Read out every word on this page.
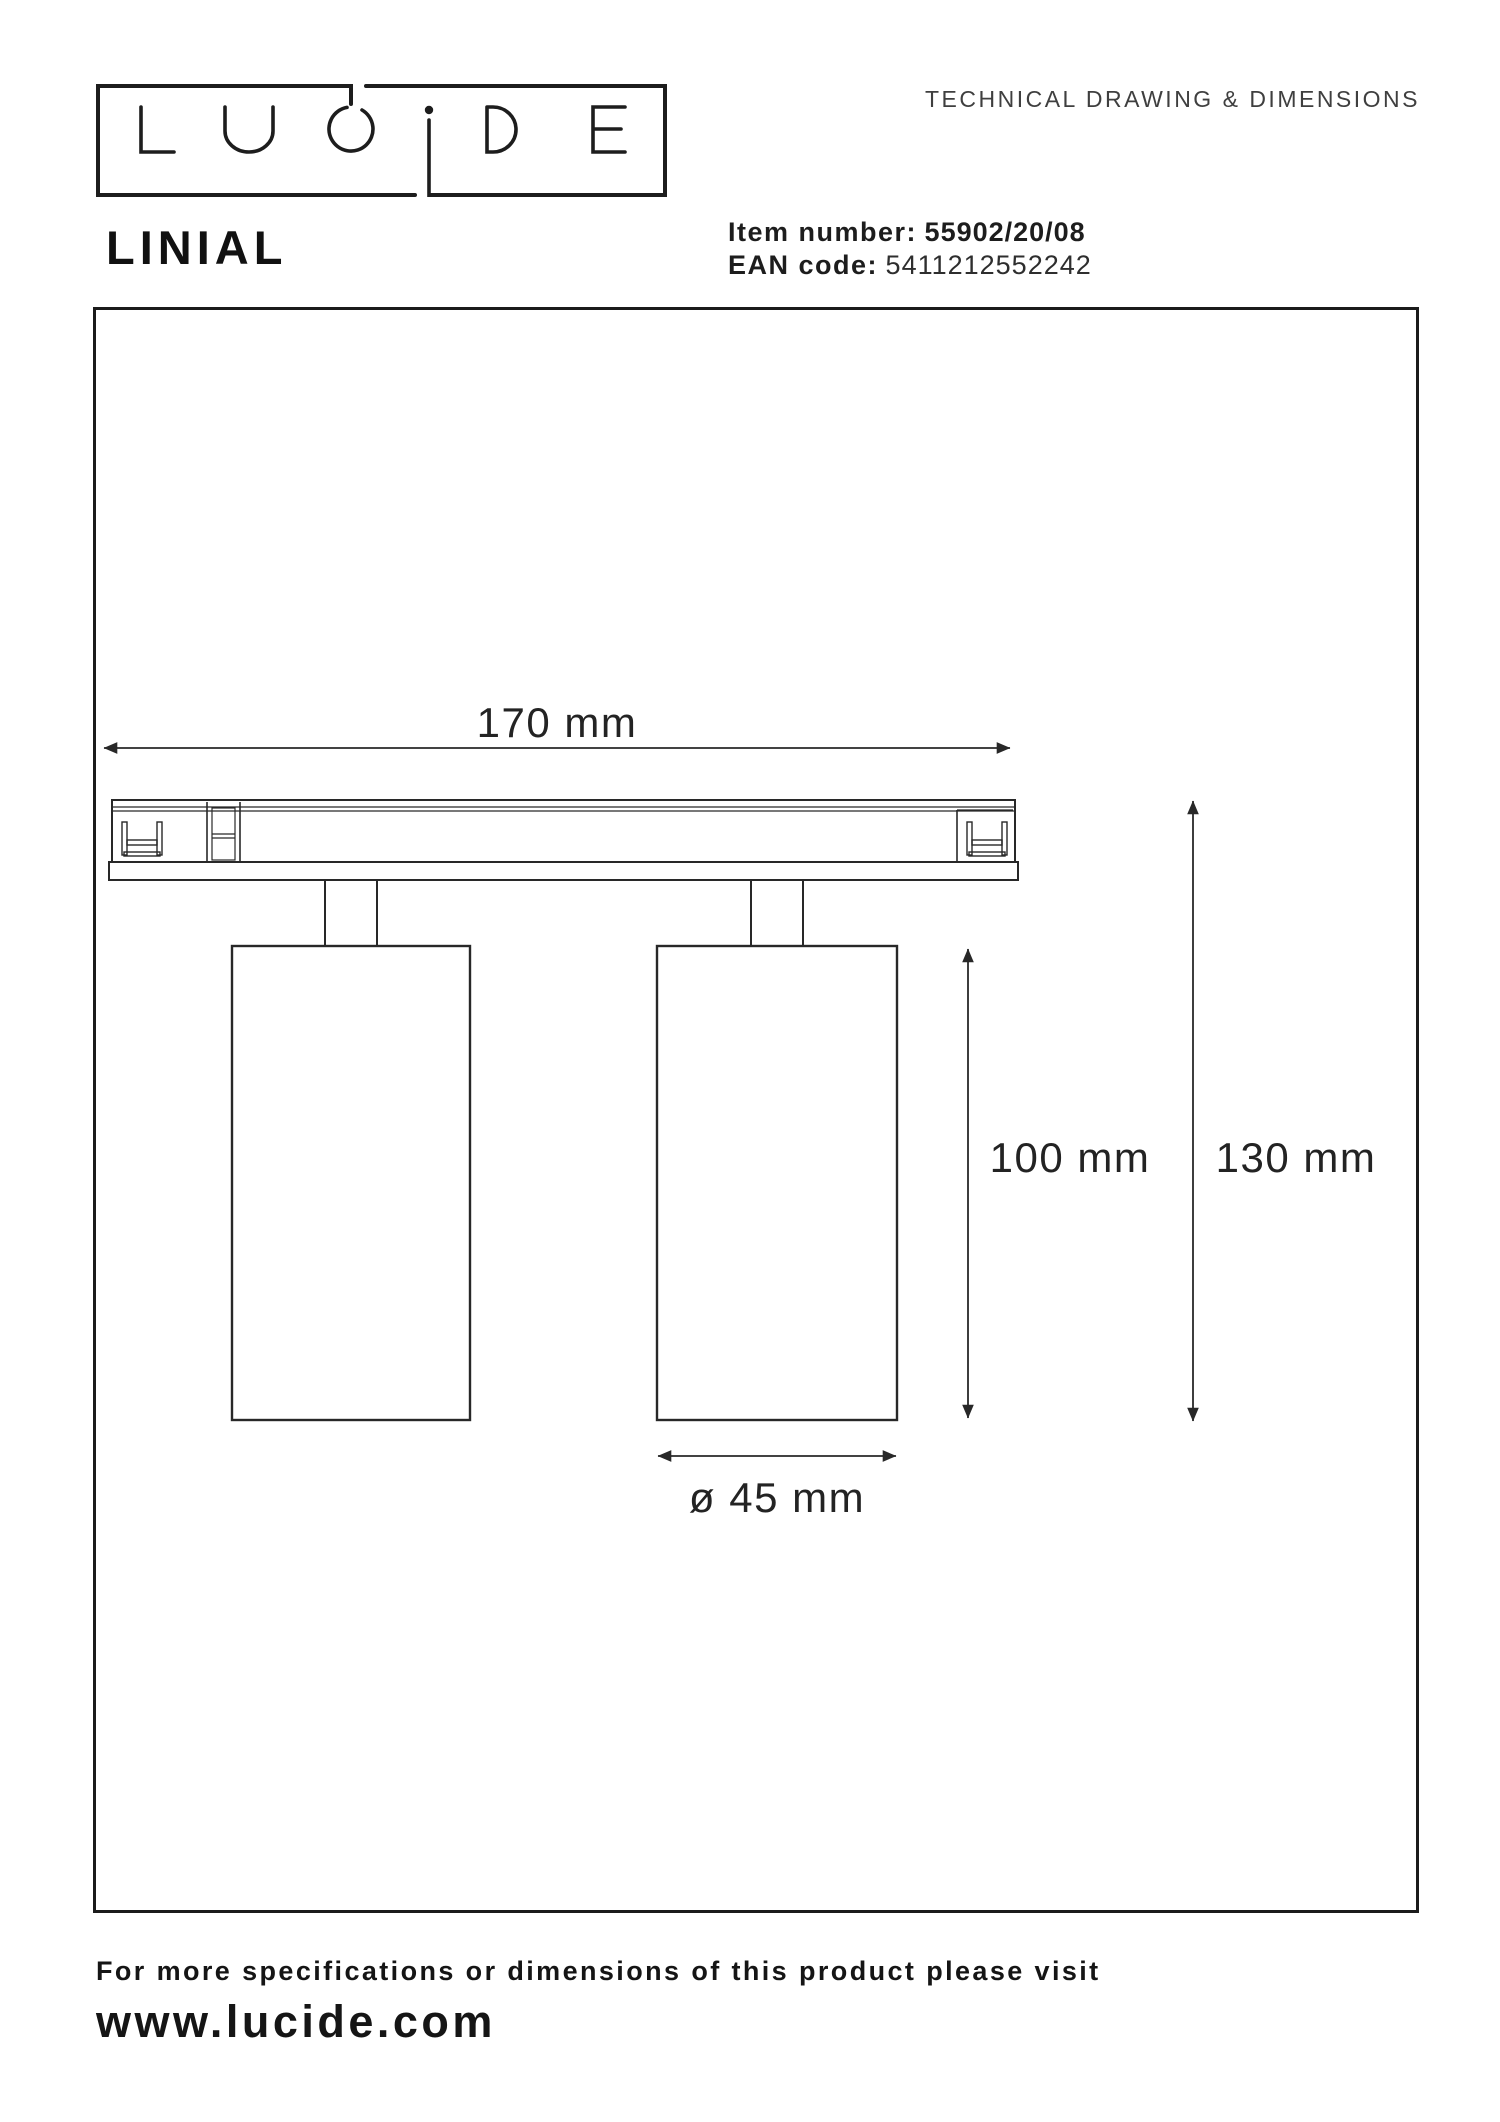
TECHNICAL DRAWING & DIMENSIONS
LINIAL	Item number: 55902/20/08
EAN code: 5411212552242
170 mm
100 mm 130 mm
ø 45 mm
For more specifications or dimensions of this product please visit
www.lucide.com
